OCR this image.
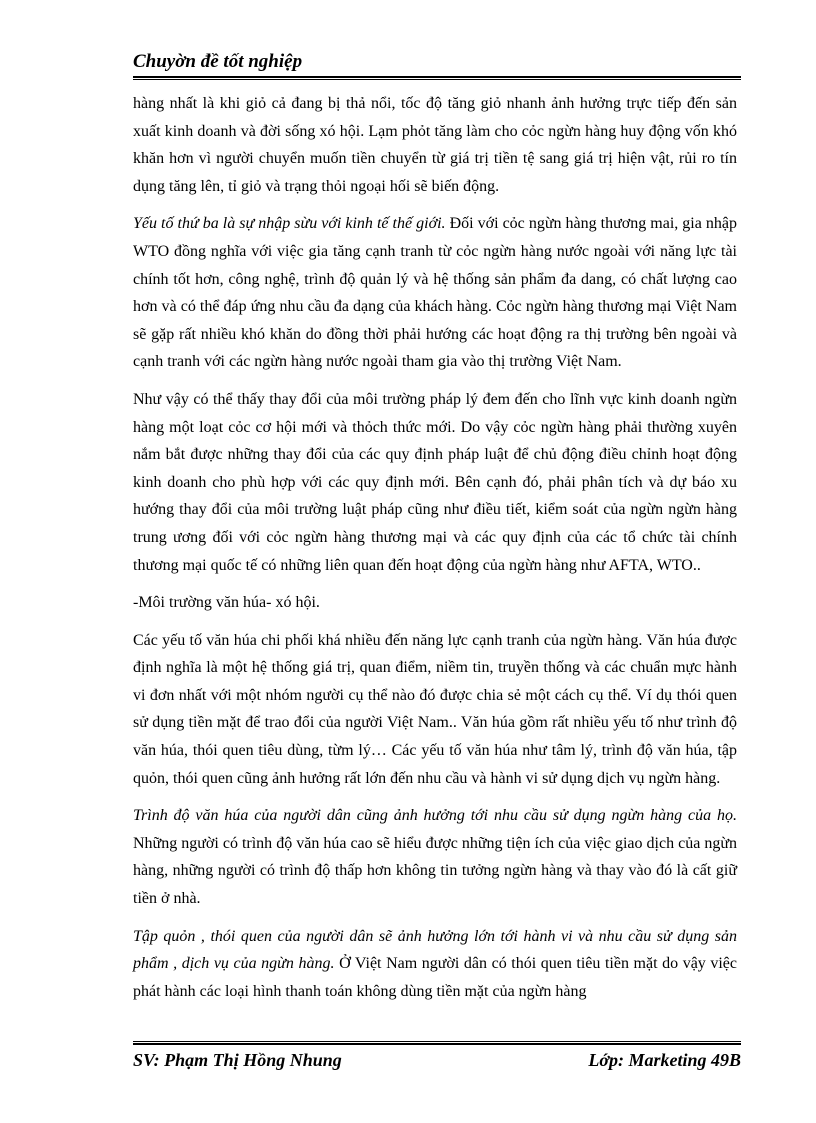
Chuyờn đề tốt nghiệp

hàng nhất là khi giỏ cả đang bị thả nổi, tốc độ tăng giỏ nhanh ảnh hưởng trực tiếp đến sản xuất kinh doanh và đời sống xó hội. Lạm phỏt tăng làm cho cỏc ngừn hàng huy động vốn khó khăn hơn vì người chuyển muốn tiền chuyển từ giá trị tiền tệ sang giá trị hiện vật, rủi ro tín dụng tăng lên, tỉ giỏ và trạng thỏi ngoại hối sẽ biến động.

Yếu tố thứ ba là sự nhập sừu với kinh tế thế giới. Đối với cỏc ngừn hàng thương mai, gia nhập WTO đồng nghĩa với việc gia tăng cạnh tranh từ cỏc ngừn hàng nước ngoài với năng lực tài chính tốt hơn, công nghệ, trình độ quản lý và hệ thống sản phẩm đa dang, có chất lượng cao hơn và có thể đáp ứng nhu cầu đa dạng của khách hàng. Cỏc ngừn hàng thương mại Việt Nam sẽ gặp rất nhiều khó khăn do đồng thời phải hướng các hoạt động ra thị trường bên ngoài và cạnh tranh với các ngừn hàng nước ngoài tham gia vào thị trường Việt Nam.

Như vậy có thể thấy thay đổi của môi trường pháp lý đem đến cho lĩnh vực kinh doanh ngừn hàng một loạt cỏc cơ hội mới và thỏch thức mới. Do vậy cỏc ngừn hàng phải thường xuyên nắm bắt được những thay đổi của các quy định pháp luật để chủ động điều chỉnh hoạt động kinh doanh cho phù hợp với các quy định mới. Bên cạnh đó, phải phân tích và dự báo xu hướng thay đổi của môi trường luật pháp cũng như điều tiết, kiểm soát của ngừn ngừn hàng trung ương đối với cỏc ngừn hàng thương mại và các quy định của các tổ chức tài chính thương mại quốc tế có những liên quan đến hoạt động của ngừn hàng như AFTA, WTO..

-Môi trường văn húa- xó hội.

Các yếu tố văn húa chi phối khá nhiều đến năng lực cạnh tranh của ngừn hàng. Văn húa được định nghĩa là một hệ thống giá trị, quan điểm, niềm tin, truyền thống và các chuẩn mực hành vi đơn nhất với một nhóm người cụ thể nào đó được chia sẻ một cách cụ thể. Ví dụ thói quen sử dụng tiền mặt để trao đổi của người Việt Nam.. Văn húa gồm rất nhiều yếu tố như trình độ văn húa, thói quen tiêu dùng, từm lý… Các yếu tố văn húa như tâm lý, trình độ văn húa, tập quỏn, thói quen cũng ảnh hưởng rất lớn đến nhu cầu và hành vi sử dụng dịch vụ ngừn hàng.

Trình độ văn húa của người dân cũng ảnh hưởng tới nhu cầu sử dụng ngừn hàng của họ. Những người có trình độ văn húa cao sẽ hiểu được những tiện ích của việc giao dịch của ngừn hàng, những người có trình độ thấp hơn không tin tưởng ngừn hàng và thay vào đó là cất giữ tiền ở nhà.

Tập quỏn , thói quen của người dân sẽ ảnh hưởng lớn tới hành vi và nhu cầu sử dụng sản phẩm , dịch vụ của ngừn hàng. Ở Việt Nam người dân có thói quen tiêu tiền mặt do vậy việc phát hành các loại hình thanh toán không dùng tiền mặt của ngừn hàng

SV: Phạm Thị Hồng Nhung	Lớp: Marketing 49B
